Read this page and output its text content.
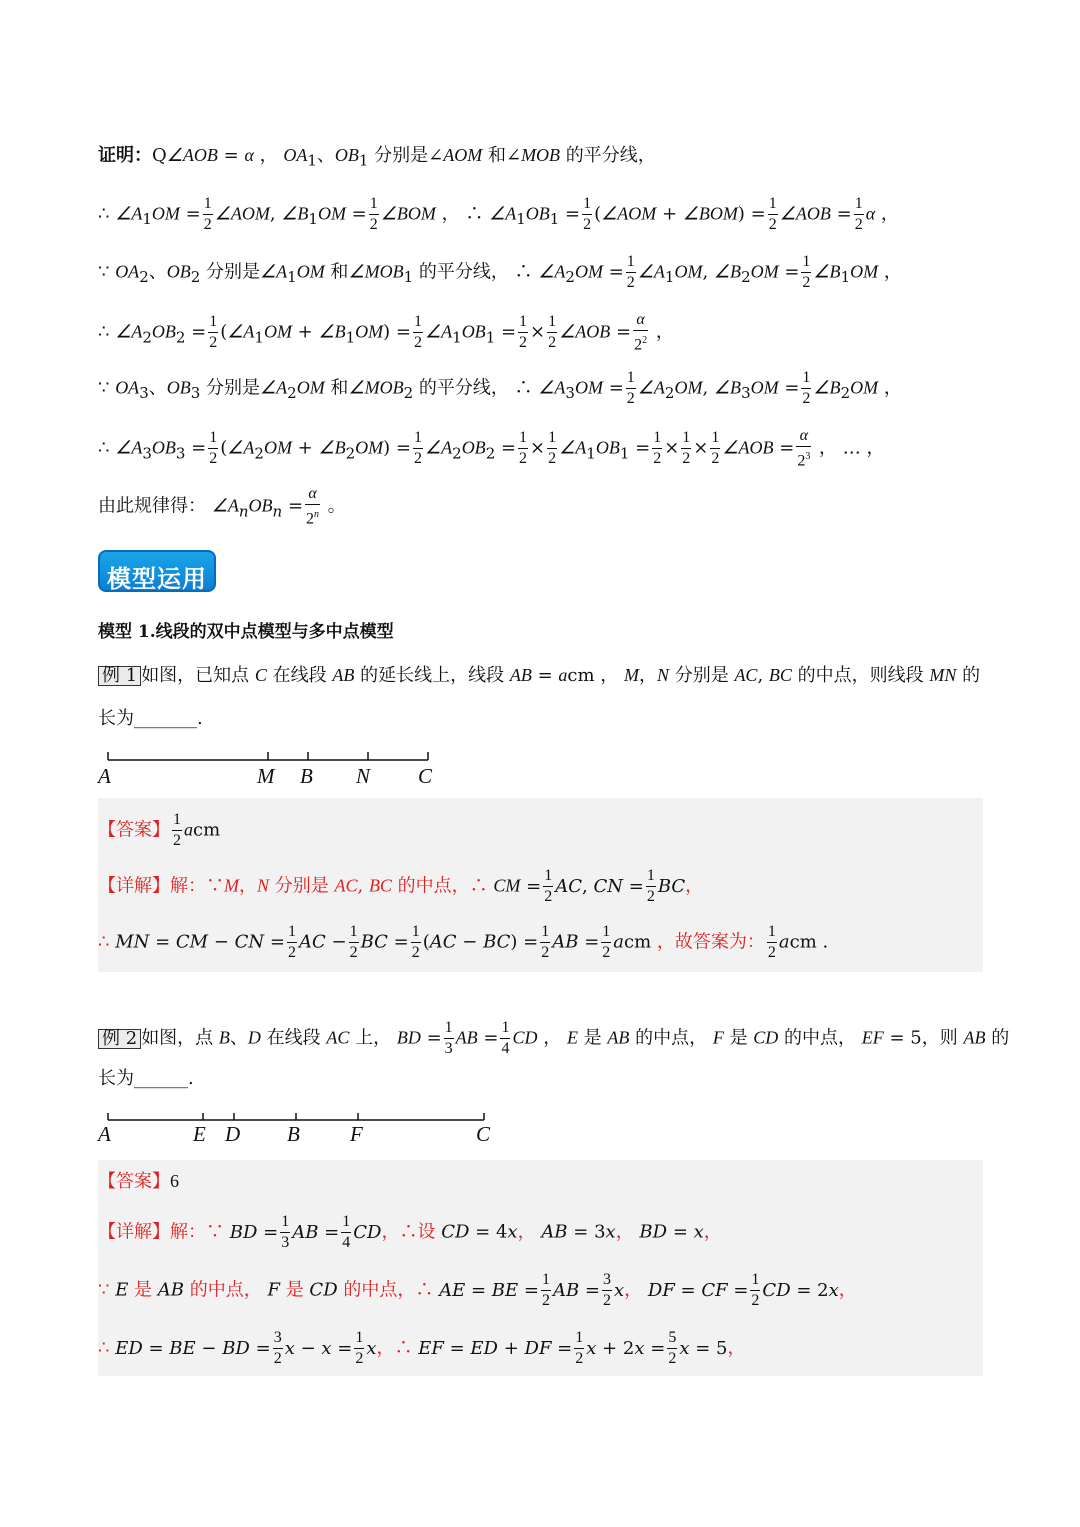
证明：Q∠AOB = α ， $OA_1$、$OB_1$ 分别是∠AOM 和∠MOB 的平分线，
∴ $\angle A_1OM = \frac{1}{2}$ ∠AOM, $\angle B_1OM = \frac{1}{2}$ ∠BOM ， ∴ $\angle A_1OB_1 = \frac{1}{2}$ (∠AOM + ∠BOM) = $\frac{1}{2}$ ∠AOB = $\frac{1}{2}$ α ，
∵ $OA_2$、$OB_2$ 分别是$\angle A_1OM$ 和$\angle MOB_1$ 的平分线， ∴ $\angle A_2OM = \frac{1}{2}$ $\angle A_1OM$, $\angle B_2OM = \frac{1}{2}$ $\angle B_1OM$ ，
∴ $\angle A_2OB_2 = \frac{1}{2}$ ($\angle A_1OM$ + $\angle B_1OM) = \frac{1}{2}$ $\angle A_1OB_1 = \frac{1}{2} \times \frac{1}{2}$ ∠AOB = $\frac{\alpha}{2^2}$ ，
∵ $OA_3$、$OB_3$ 分别是$\angle A_2OM$ 和$\angle MOB_2$ 的平分线， ∴ $\angle A_3OM = \frac{1}{2}$ $\angle A_2OM$, $\angle B_3OM = \frac{1}{2}$ $\angle B_2OM$ ，
∴ $\angle A_3OB_3 = \frac{1}{2}$ ($\angle A_2OM$ + $\angle B_2OM) = \frac{1}{2}$ $\angle A_2OB_2 = \frac{1}{2} \times \frac{1}{2}$ $\angle A_1OB_1 = \frac{1}{2} \times \frac{1}{2} \times \frac{1}{2}$ ∠AOB = $\frac{\alpha}{2^3}$ ， … ，
由此规律得： $\angle A_nOB_n = \frac{\alpha}{2^n}$ 。
模型运用
模型 1.线段的双中点模型与多中点模型
例 1 如图，已知点 C 在线段 AB 的延长线上，线段 AB = acm ， M，N 分别是 AC, BC 的中点，则线段 MN 的
长为_______.
A	M B N C
【答案】 $\frac{1}{2}$ acm
【详解】解：∵M，N 分别是 AC, BC 的中点，∴ CM = $\frac{1}{2}$ AC, CN = $\frac{1}{2}$ BC，
∴ MN = CM − CN = $\frac{1}{2}$ AC − $\frac{1}{2}$ BC = $\frac{1}{2} (AC - BC) = \frac{1}{2}$ AB = $\frac{1}{2}$ acm ，故答案为： $\frac{1}{2}$ acm .
例 2 如图，点 B、D 在线段 AC 上， BD = $\frac{1}{3}$ AB = $\frac{1}{4}$ CD ， E 是 AB 的中点， F 是 CD 的中点， EF = 5，则 AB 的
长为______.
A	E D B F	C
【答案】6
【详解】解：∵ BD = $\frac{1}{3}$ AB = $\frac{1}{4}$ CD，∴设 CD = 4x， AB = 3x， BD = x，
∵ E 是 AB 的中点， F 是 CD 的中点，∴ AE = BE = $\frac{1}{2}$ AB = $\frac{3}{2}$ x， DF = CF = $\frac{1}{2}$ CD = 2x，
∴ ED = BE − BD = $\frac{3}{2}$ $x - x = \frac{1}{2}$ x，∴ EF = ED + DF = $\frac{1}{2}$ $x + 2x = \frac{5}{2}$ x = 5，
